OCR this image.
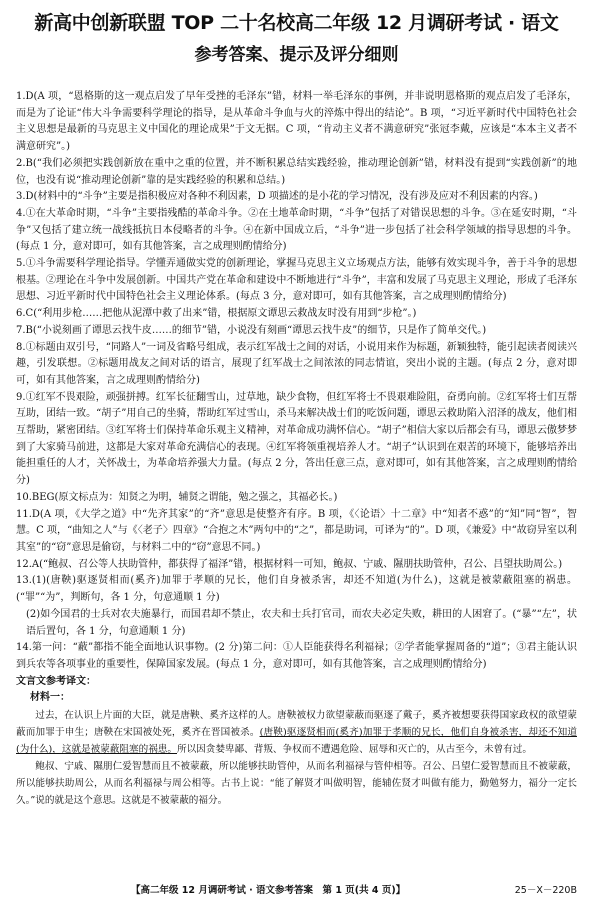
新高中创新联盟 TOP 二十名校高二年级 12 月调研考试 · 语文
参考答案、提示及评分细则

1.D(A 项，“恩格斯的这一观点启发了早年受挫的毛泽东”错，材料一举毛泽东的事例，并非说明恩格斯的观点启发了毛泽东，而是为了论证“伟大斗争需要科学理论的指导，是从革命斗争血与火的淬炼中得出的结论”。B 项，“习近平新时代中国特色社会主义思想是最新的马克思主义中国化的理论成果”于文无据。C 项，“肯动主义者不满意研究”张冠李戴，应该是“本本主义者不满意研究”。)

2.B(“我们必须把实践创新放在重中之重的位置，并不断积累总结实践经验，推动理论创新”错，材料没有提到“实践创新”的地位，也没有说“推动理论创新”靠的是实践经验的积累和总结。)

3.D(材料中的“斗争”主要是指积极应对各种不利因素，D 项描述的是小花的学习情况，没有涉及应对不利因素的内容。)

4.①在大革命时期，“斗争”主要指残酷的革命斗争。②在土地革命时期，“斗争”包括了对错误思想的斗争。③在延安时期，“斗争”又包括了建立统一战线抵抗日本侵略者的斗争。④在新中国成立后，“斗争”进一步包括了社会科学领域的指导思想的斗争。(每点 1 分，意对即可，如有其他答案，言之成理则酌情给分)

5.①斗争需要科学理论指导。学懂弄通做实党的创新理论，掌握马克思主义立场观点方法，能够有效实现斗争，善于斗争的思想根基。②理论在斗争中发展创新。中国共产党在革命和建设中不断地进行“斗争”，丰富和发展了马克思主义理论，形成了毛泽东思想、习近平新时代中国特色社会主义理论体系。(每点 3 分，意对即可，如有其他答案，言之成理则酌情给分)

6.C(“利用步枪……把他从泥潭中救了出来”错，根据原文谭思云救战友时没有用到“步枪”。)

7.B(“小说刻画了谭思云找牛皮……的细节”错，小说没有刻画“谭思云找牛皮”的细节，只是作了简单交代。)

8.①标题由双引号，“同路人”一词及省略号组成，表示红军战士之间的对话，小说用来作为标题，新颖独特，能引起读者阅读兴趣，引发联想。②标题用战友之间对话的语言，展现了红军战士之间浓浓的同志情谊，突出小说的主题。(每点 2 分，意对即可，如有其他答案，言之成理则酌情给分)

9.①红军不畏艰险，顽强拼搏。红军长征翻雪山，过草地，缺少食物，但红军将士不畏艰难险阻，奋勇向前。②红军将士们互帮互助，团结一致。“胡子”用自己的坐骑，帮助红军过雪山，杀马来解决战士们的吃饭问题，谭思云救助陷入沼泽的战友，他们相互帮助，紧密团结。③红军将士们保持革命乐观主义精神，对革命成功满怀信心。“胡子”相信大家以后都会有马，谭思云傲梦梦到了大家骑马前进，这都是大家对革命充满信心的表现。④红军将领重视培养人才。“胡子”认识到在艰苦的环境下，能够培养出能担重任的人才，关怀战士，为革命培养强大力量。(每点 2 分，答出任意三点，意对即可，如有其他答案，言之成理则酌情给分)

10.BEG(原文标点为：知贤之为明，辅贤之谓能，勉之强之，其福必长。)

11.D(A 项，《大学之道》中“先齐其家”的“齐”意思是使整齐有序。B 项，《〈论语〉十二章》中“知者不惑”的“知”同“智”，智慧。C 项，“曲知之人”与《〈老子〉四章》“合抱之木”两句中的“之”，都是助词，可译为“的”。D 项，《兼爱》中“故窃异室以利其室”的“窃”意思是偷窃，与材料二中的“窃”意思不同。)

12.A(“鲍叔、召公等人扶助管仲，都获得了福泽”错，根据材料一可知，鲍叔、宁戚、隰朋扶助管仲，召公、吕望扶助周公。)

13.(1)(唐鞅)驱逐贤相而(奚齐)加罪于孝顺的兄长，他们自身被杀害，却还不知道(为什么)，这就是被蒙蔽阻塞的祸患。(“罪”“为”，判断句，各 1 分，句意通顺 1 分)

(2)如今国君的士兵对农夫施暴行，而国君却不禁止，农夫和士兵打官司，而农夫必定失败，耕田的人困窘了。(“暴”“左”，状语后置句，各 1 分，句意通顺 1 分)

14.第一问：“蔽”都指不能全面地认识事物。(2 分)第二问：①人臣能获得名利福禄；②学者能掌握周备的“道”；③君主能认识到兵农等各项事业的重要性，保障国家发展。(每点 1 分，意对即可，如有其他答案，言之成理则酌情给分)

文言文参考译文：

材料一：

过去，在认识上片面的大臣，就是唐鞅、奚齐这样的人。唐鞅被权力欲望蒙蔽而驱逐了戴子，奚齐被想要获得国家政权的欲望蒙蔽而加罪于申生；唐鞅在宋国被处死，奚齐在晋国被杀。(唐鞅)驱逐贤相而(奚齐)加罪于孝顺的兄长，他们自身被杀害，却还不知道(为什么)，这就是被蒙蔽阻塞的祸患。所以因贪婪卑鄙、背叛、争权而不遭遇危险、屈辱和灭亡的，从古至今，未曾有过。

鲍叔、宁戚、隰朋仁爱智慧而且不被蒙蔽，所以能够扶助管仲，从而名利福禄与管仲相等。召公、吕望仁爱智慧而且不被蒙蔽，所以能够扶助周公，从而名利福禄与周公相等。古书上说：“能了解贤才叫做明智，能辅佐贤才叫做有能力，勤勉努力，福分一定长久。”说的就是这个意思。这就是不被蒙蔽的福分。

【高二年级 12 月调研考试 · 语文参考答案　第 1 页(共 4 页)】	25－X－220B
